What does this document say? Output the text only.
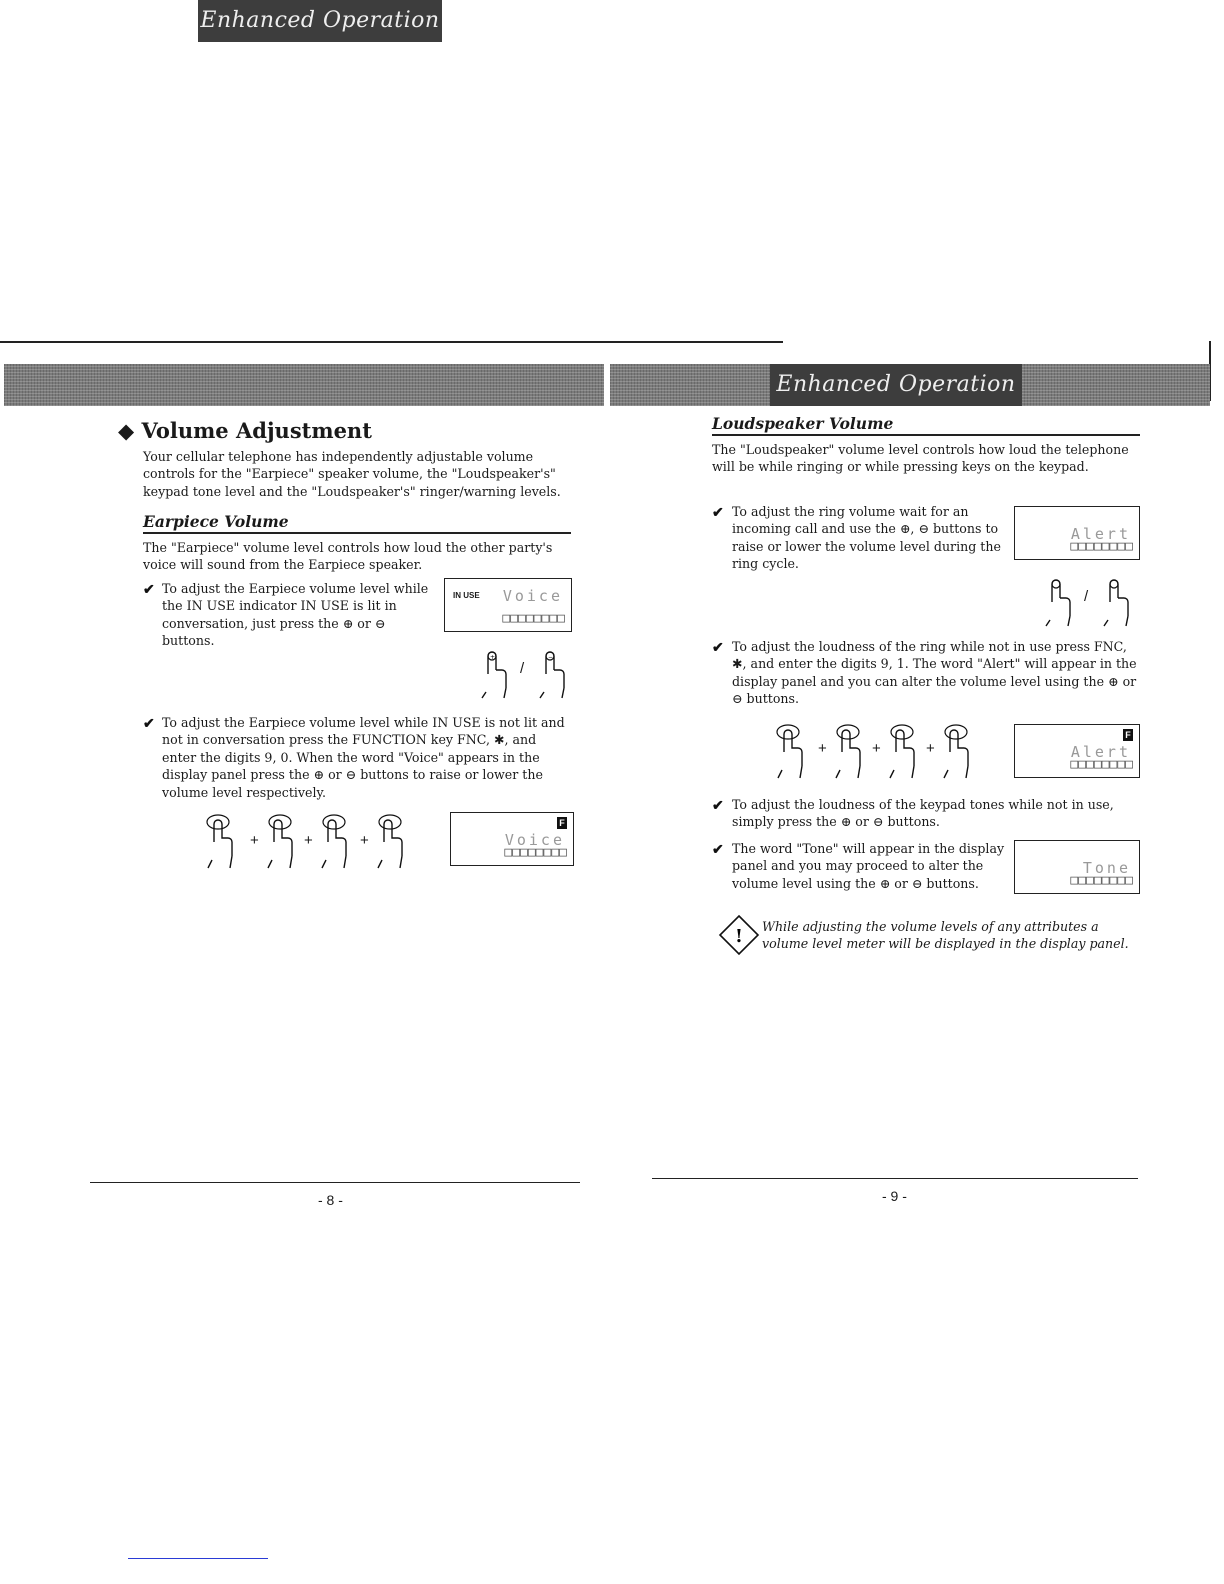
Enhanced Operation
Enhanced Operation
◆ Volume Adjustment
Your cellular telephone has independently adjustable volume controls for the "Earpiece" speaker volume, the "Loudspeaker's" keypad tone level and the "Loudspeaker's" ringer/warning levels.
Earpiece Volume
The "Earpiece" volume level controls how loud the other party's voice will sound from the Earpiece speaker.
✔ To adjust the Earpiece volume level while the IN USE indicator IN USE is lit in conversation, just press the ⊕ or ⊖ buttons.
IN USE Voice
□□□□□□□□
+
/
−
✔ To adjust the Earpiece volume level while IN USE is not lit and not in conversation press the FUNCTION key FNC, ✱, and enter the digits 9, 0. When the word "Voice" appears in the display panel press the ⊕ or ⊖ buttons to raise or lower the volume level respectively.
+	+	+
F
Voice
□□□□□□□□
- 8 -
Loudspeaker Volume
The "Loudspeaker" volume level controls how loud the telephone will be while ringing or while pressing keys on the keypad.
✔ To adjust the ring volume wait for an incoming call and use the ⊕, ⊖ buttons to raise or lower the volume level during the ring cycle.
Alert
□□□□□□□□
/
✔ To adjust the loudness of the ring while not in use press FNC, ✱, and enter the digits 9, 1. The word "Alert" will appear in the display panel and you can alter the volume level using the ⊕ or ⊖ buttons.
+	+	+
F
Alert
□□□□□□□□
✔ To adjust the loudness of the keypad tones while not in use, simply press the ⊕ or ⊖ buttons.
✔ The word "Tone" will appear in the display panel and you may proceed to alter the volume level using the ⊕ or ⊖ buttons.
Tone
□□□□□□□□
! While adjusting the volume levels of any attributes a volume level meter will be displayed in the display panel.
- 9 -
